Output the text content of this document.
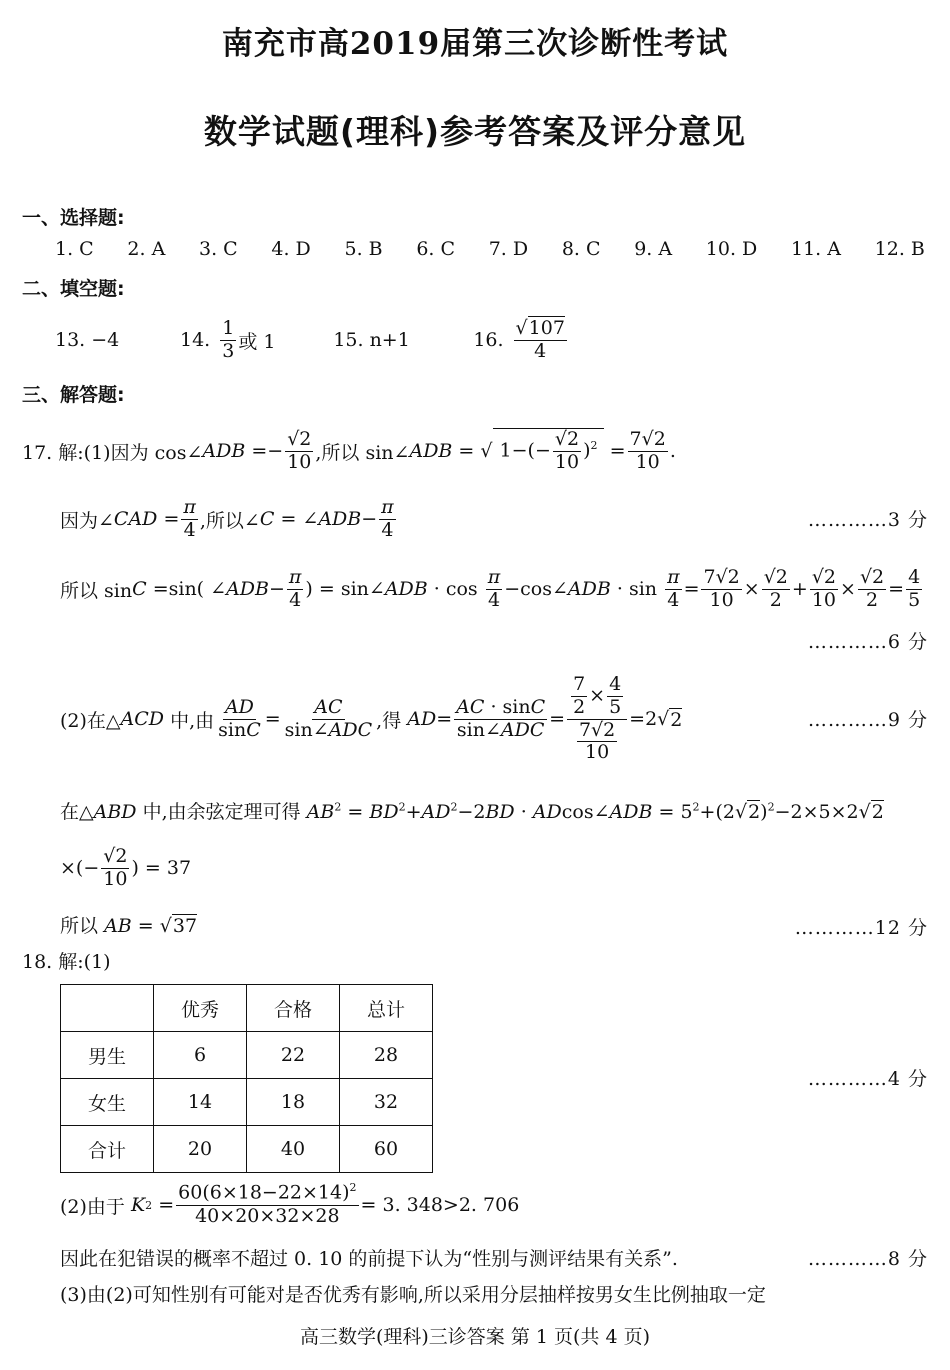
南充市高2019届第三次诊断性考试
数学试题(理科)参考答案及评分意见
一、选择题:
1. C 2. A 3. C 4. D 5. B 6. C 7. D 8. C 9. A 10. D 11. A 12. B
二、填空题:
13. −4	14. $\frac{1}{3}$ 或 1	15. n+1	16. $\frac{√107}{4}$
三、解答题:
17. 解:(1)因为 cos∠ ADB =− $\frac{√2}{10}$ ,所以 sin∠ ADB = √ $1-(- \frac{√2}{10} )^2 = \frac{7√2}{10}$ .
因为∠ CAD = $\frac{\pi}{4}$ ,所以∠ C = ∠ ADB − $\frac{\pi}{4}$	…………3 分
所以 sin C =sin( ∠ ADB − $\frac{\pi}{4}$ ) = sin∠ ADB · $\cos \frac{\pi}{4}$ −cos∠ ADB · $\sin \frac{\pi}{4} = \frac{7√2}{10} \times \frac{√2}{2} + \frac{√2}{10} \times \frac{√2}{2} = \frac{4}{5}$
…………6 分
(2)在△ ACD 中,由 $\frac{AD}{\sin C} = \frac{AC}{\text{sin∠ADC}}$ ,得 AD = $\frac{AC \cdot \sin C}{\text{sin∠ADC}} = \frac{\frac{7}{2} \times \frac{4}{5}}{\frac{7√2}{10}} =2√$ 2	…………9 分
在△ABD 中,由余弦定理可得 $AB^2 = BD^2+AD^2-2BD$ · ADcos∠ADB = $5^2+(2√2)^2-2\times 5\times 2√2$
×(− $\frac{√2}{10}$ ) = 37
所以 AB = √37	…………12 分
18. 解:(1)
	优秀	合格	总计
男生	6	22	28
女生	14	18	32
合计	20	40	60
…………4 分
(2)由于
K $2 = \frac{60(6\times 18-22\times 14)^2}{40\times 20\times 32\times 28} = 3$. 348>2. 706
因此在犯错误的概率不超过 0. 10 的前提下认为“性别与测评结果有关系”.	…………8 分
(3)由(2)可知性别有可能对是否优秀有影响,所以采用分层抽样按男女生比例抽取一定
高三数学(理科)三诊答案 第 1 页(共 4 页)
